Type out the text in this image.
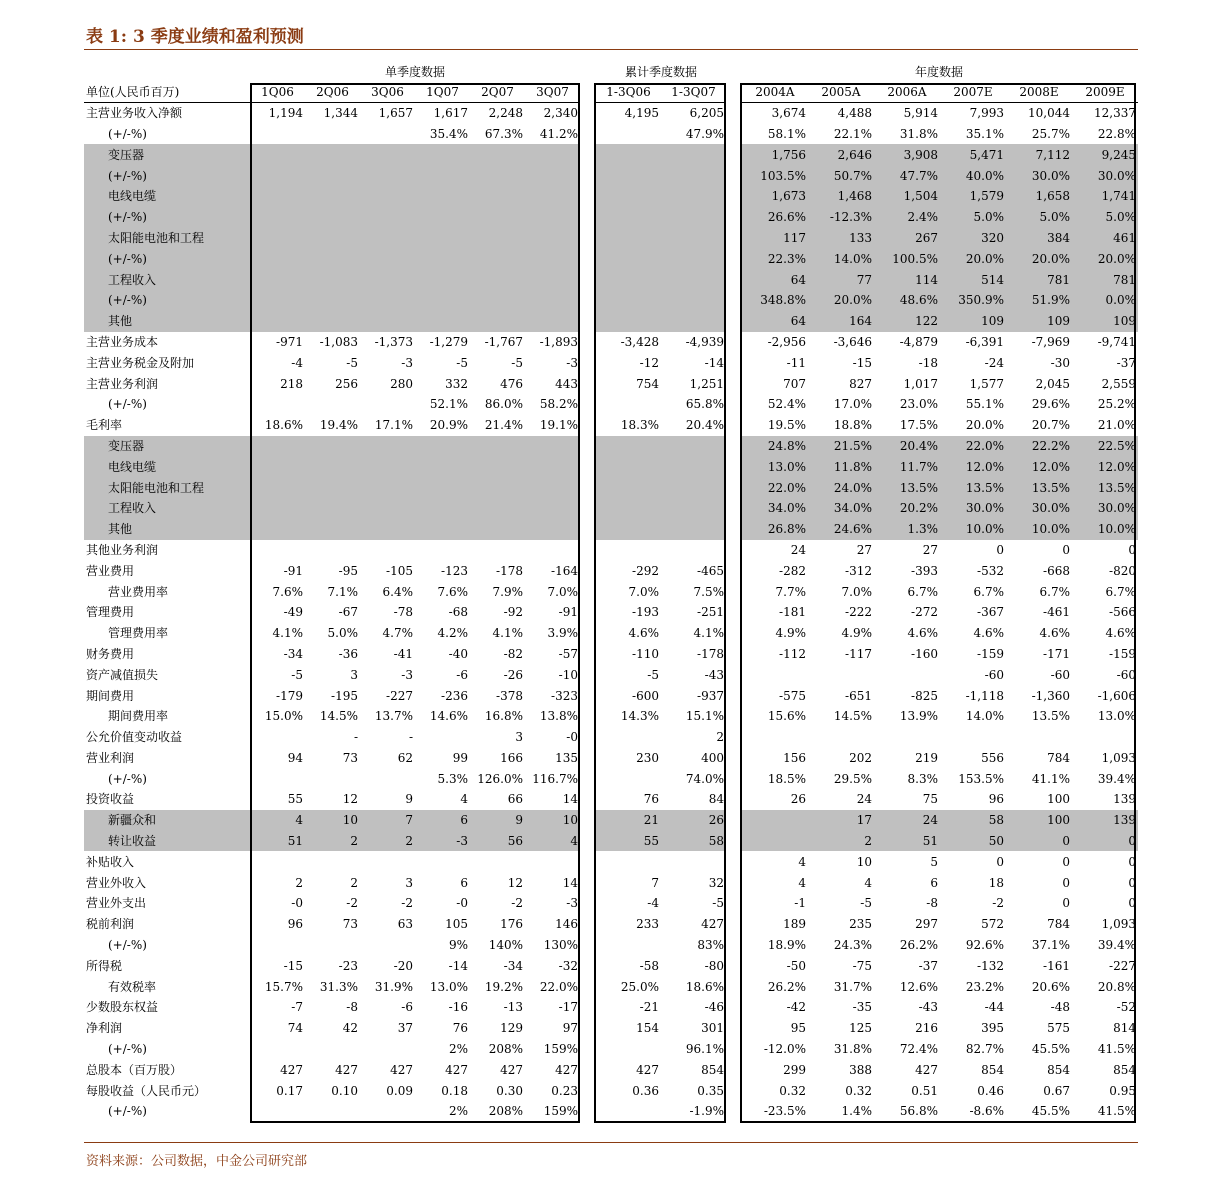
表 1: 3 季度业绩和盈利预测
单季度数据	累计季度数据	年度数据
单位(人民币百万)	1Q06	2Q06	3Q06	1Q07	2Q07	3Q07		1-3Q06	1-3Q07		2004A	2005A	2006A	2007E	2008E	2009E
主营业务收入净额	1,194	1,344	1,657	1,617	2,248	2,340		4,195	6,205		3,674	4,488	5,914	7,993	10,044	12,337
(+/-%)				35.4%	67.3%	41.2%			47.9%		58.1%	22.1%	31.8%	35.1%	25.7%	22.8%
变压器											1,756	2,646	3,908	5,471	7,112	9,245
(+/-%)											103.5%	50.7%	47.7%	40.0%	30.0%	30.0%
电线电缆											1,673	1,468	1,504	1,579	1,658	1,741
(+/-%)											26.6%	-12.3%	2.4%	5.0%	5.0%	5.0%
太阳能电池和工程											117	133	267	320	384	461
(+/-%)											22.3%	14.0%	100.5%	20.0%	20.0%	20.0%
工程收入											64	77	114	514	781	781
(+/-%)											348.8%	20.0%	48.6%	350.9%	51.9%	0.0%
其他											64	164	122	109	109	109
主营业务成本	-971	-1,083	-1,373	-1,279	-1,767	-1,893		-3,428	-4,939		-2,956	-3,646	-4,879	-6,391	-7,969	-9,741
主营业务税金及附加	-4	-5	-3	-5	-5	-3		-12	-14		-11	-15	-18	-24	-30	-37
主营业务利润	218	256	280	332	476	443		754	1,251		707	827	1,017	1,577	2,045	2,559
(+/-%)				52.1%	86.0%	58.2%			65.8%		52.4%	17.0%	23.0%	55.1%	29.6%	25.2%
毛利率	18.6%	19.4%	17.1%	20.9%	21.4%	19.1%		18.3%	20.4%		19.5%	18.8%	17.5%	20.0%	20.7%	21.0%
变压器											24.8%	21.5%	20.4%	22.0%	22.2%	22.5%
电线电缆											13.0%	11.8%	11.7%	12.0%	12.0%	12.0%
太阳能电池和工程											22.0%	24.0%	13.5%	13.5%	13.5%	13.5%
工程收入											34.0%	34.0%	20.2%	30.0%	30.0%	30.0%
其他											26.8%	24.6%	1.3%	10.0%	10.0%	10.0%
其他业务利润											24	27	27	0	0	0
营业费用	-91	-95	-105	-123	-178	-164		-292	-465		-282	-312	-393	-532	-668	-820
营业费用率	7.6%	7.1%	6.4%	7.6%	7.9%	7.0%		7.0%	7.5%		7.7%	7.0%	6.7%	6.7%	6.7%	6.7%
管理费用	-49	-67	-78	-68	-92	-91		-193	-251		-181	-222	-272	-367	-461	-566
管理费用率	4.1%	5.0%	4.7%	4.2%	4.1%	3.9%		4.6%	4.1%		4.9%	4.9%	4.6%	4.6%	4.6%	4.6%
财务费用	-34	-36	-41	-40	-82	-57		-110	-178		-112	-117	-160	-159	-171	-159
资产减值损失	-5	3	-3	-6	-26	-10		-5	-43					-60	-60	-60
期间费用	-179	-195	-227	-236	-378	-323		-600	-937		-575	-651	-825	-1,118	-1,360	-1,606
期间费用率	15.0%	14.5%	13.7%	14.6%	16.8%	13.8%		14.3%	15.1%		15.6%	14.5%	13.9%	14.0%	13.5%	13.0%
公允价值变动收益		-	-		3	-0			2							
营业利润	94	73	62	99	166	135		230	400		156	202	219	556	784	1,093
(+/-%)				5.3%	126.0%	116.7%			74.0%		18.5%	29.5%	8.3%	153.5%	41.1%	39.4%
投资收益	55	12	9	4	66	14		76	84		26	24	75	96	100	139
新疆众和	4	10	7	6	9	10		21	26			17	24	58	100	139
转让收益	51	2	2	-3	56	4		55	58			2	51	50	0	0
补贴收入											4	10	5	0	0	0
营业外收入	2	2	3	6	12	14		7	32		4	4	6	18	0	0
营业外支出	-0	-2	-2	-0	-2	-3		-4	-5		-1	-5	-8	-2	0	0
税前利润	96	73	63	105	176	146		233	427		189	235	297	572	784	1,093
(+/-%)				9%	140%	130%			83%		18.9%	24.3%	26.2%	92.6%	37.1%	39.4%
所得税	-15	-23	-20	-14	-34	-32		-58	-80		-50	-75	-37	-132	-161	-227
有效税率	15.7%	31.3%	31.9%	13.0%	19.2%	22.0%		25.0%	18.6%		26.2%	31.7%	12.6%	23.2%	20.6%	20.8%
少数股东权益	-7	-8	-6	-16	-13	-17		-21	-46		-42	-35	-43	-44	-48	-52
净利润	74	42	37	76	129	97		154	301		95	125	216	395	575	814
(+/-%)				2%	208%	159%			96.1%		-12.0%	31.8%	72.4%	82.7%	45.5%	41.5%
总股本（百万股）	427	427	427	427	427	427		427	854		299	388	427	854	854	854
每股收益（人民币元）	0.17	0.10	0.09	0.18	0.30	0.23		0.36	0.35		0.32	0.32	0.51	0.46	0.67	0.95
(+/-%)				2%	208%	159%			-1.9%		-23.5%	1.4%	56.8%	-8.6%	45.5%	41.5%
资料来源：公司数据，中金公司研究部
